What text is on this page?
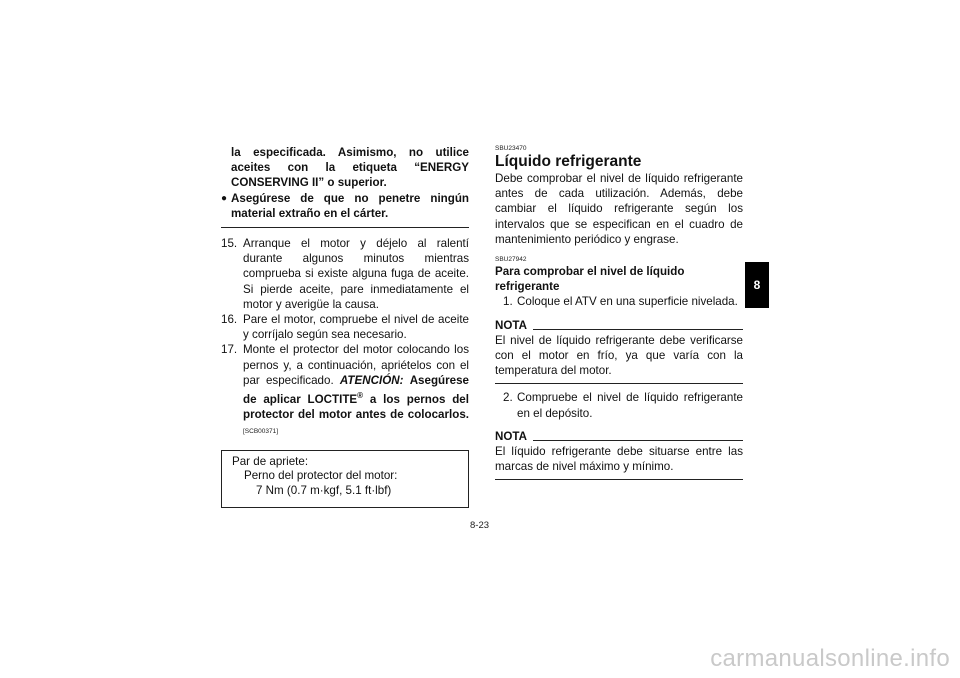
la especificada. Asimismo, no utilice aceites con la etiqueta “ENERGY CONSERVING II” o superior.
● Asegúrese de que no penetre ningún material extraño en el cárter.
15. Arranque el motor y déjelo al ralentí durante algunos minutos mientras comprueba si existe alguna fuga de aceite. Si pierde aceite, pare inmediatamente el motor y averigüe la causa.
16. Pare el motor, compruebe el nivel de aceite y corríjalo según sea necesario.
17. Monte el protector del motor colocando los pernos y, a continuación, apriételos con el par especificado. ATENCIÓN: Asegúrese de aplicar LOCTITE® a los pernos del protector del motor antes de colocarlos. [SCB00371]
Par de apriete:
Perno del protector del motor:
7 Nm (0.7 m·kgf, 5.1 ft·lbf)
SBU23470
Líquido refrigerante
Debe comprobar el nivel de líquido refrigerante antes de cada utilización. Además, debe cambiar el líquido refrigerante según los intervalos que se especifican en el cuadro de mantenimiento periódico y engrase.
SBU27942
Para comprobar el nivel de líquido refrigerante
1. Coloque el ATV en una superficie nivelada.
NOTA
El nivel de líquido refrigerante debe verificarse con el motor en frío, ya que varía con la temperatura del motor.
2. Compruebe el nivel de líquido refrigerante en el depósito.
NOTA
El líquido refrigerante debe situarse entre las marcas de nivel máximo y mínimo.
8
8-23
carmanualsonline.info
